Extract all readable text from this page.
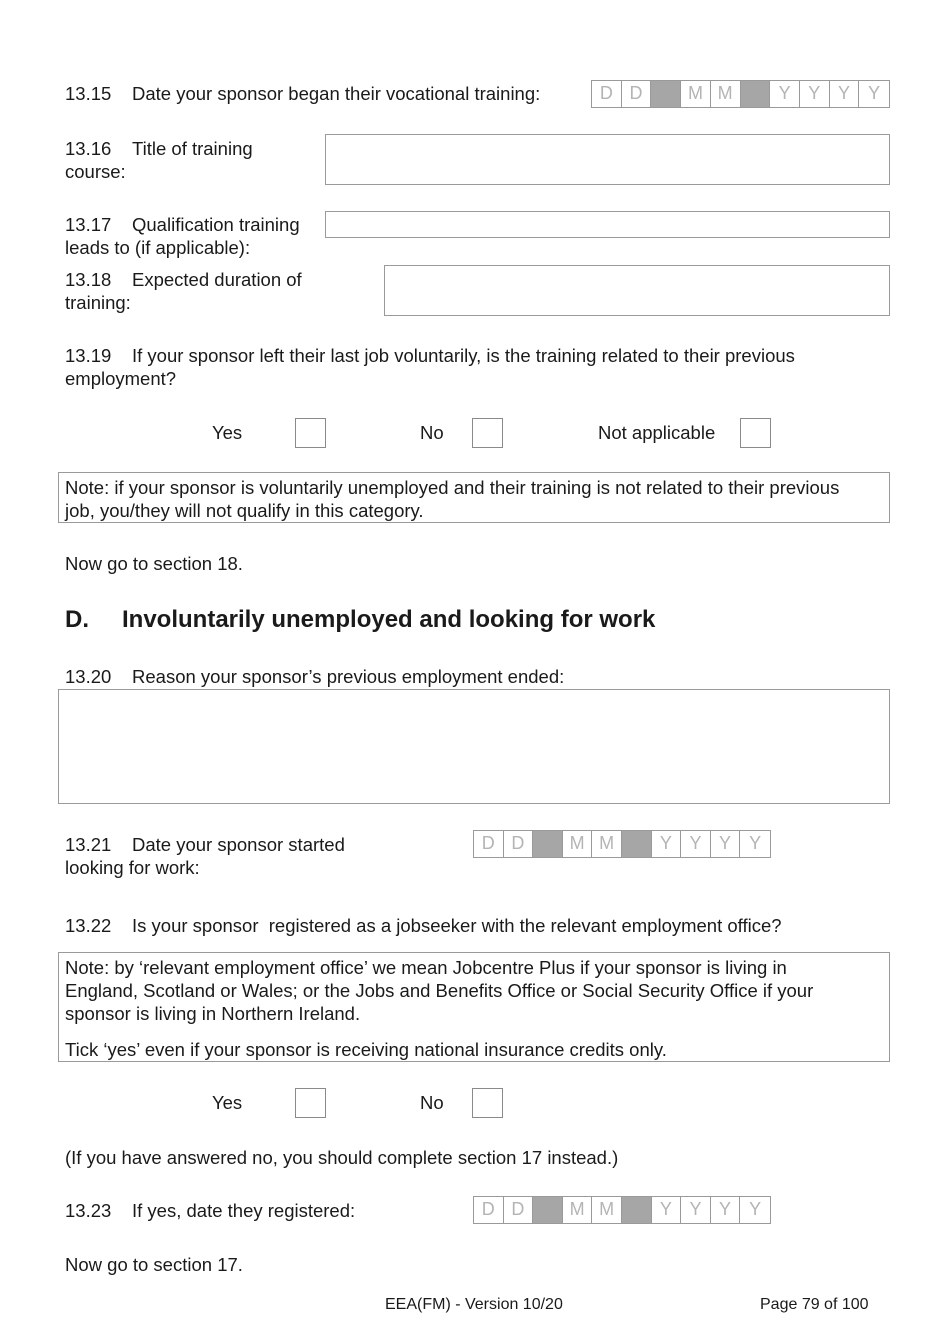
13.15 Date your sponsor began their vocational training:	D D	M M	Y Y Y	Y
13.16 Title of training
course:
13.17 Qualification training
leads to (if applicable):
13.18 Expected duration of
training:
13.19 If your sponsor left their last job voluntarily, is the training related to their previous
employment?
Yes	No	Not applicable
Note: if your sponsor is voluntarily unemployed and their training is not related to their previous
job, you/they will not qualify in this category.
Now go to section 18.
D. Involuntarily unemployed and looking for work
13.20 Reason your sponsor’s previous employment ended:
13.21 Date your sponsor started
looking for work:
D D	M M	Y Y Y	Y
13.22 Is your sponsor  registered as a jobseeker with the relevant employment office?
Note: by ‘relevant employment office’ we mean Jobcentre Plus if your sponsor is living in
England, Scotland or Wales; or the Jobs and Benefits Office or Social Security Office if your
sponsor is living in Northern Ireland.

Tick ‘yes’ even if your sponsor is receiving national insurance credits only.
Yes	No
(If you have answered no, you should complete section 17 instead.)
13.23 If yes, date they registered:	D D	M M	Y Y Y	Y
Now go to section 17.
EEA(FM) - Version 10/20	Page 79 of 100
